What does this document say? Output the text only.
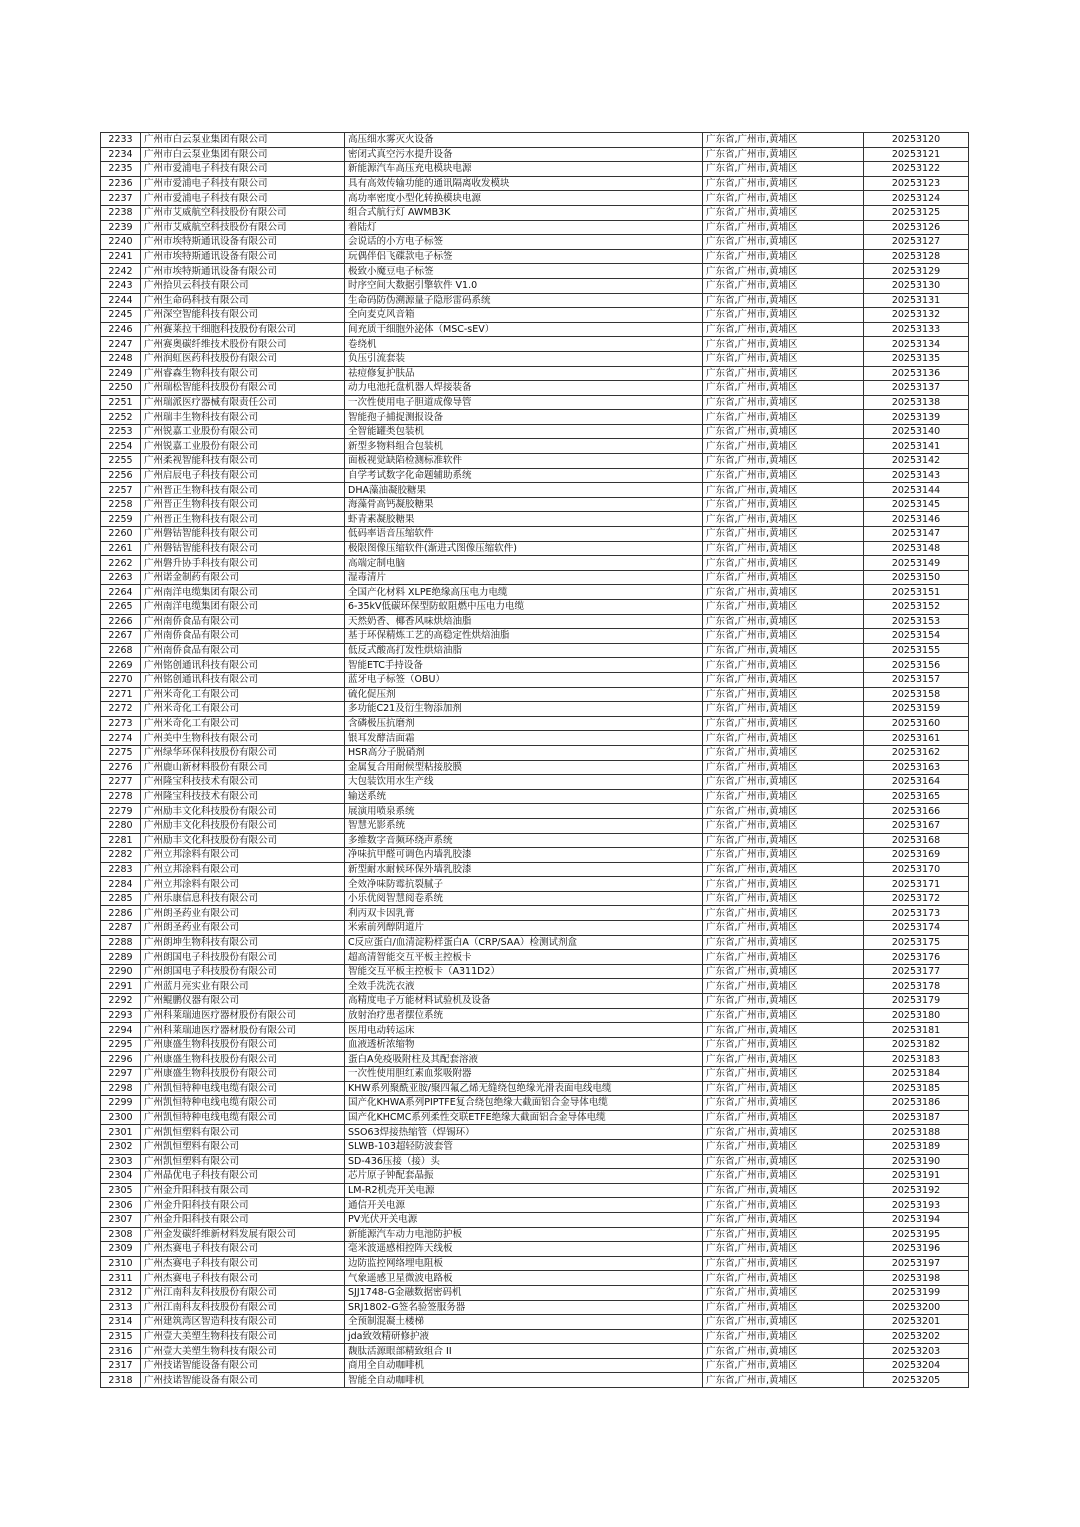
2233	广州市白云泵业集团有限公司	高压细水雾灭火设备	广东省,广州市,黄埔区	20253120
2234	广州市白云泵业集团有限公司	密闭式真空污水提升设备	广东省,广州市,黄埔区	20253121
2235	广州市爱浦电子科技有限公司	新能源汽车高压充电模块电源	广东省,广州市,黄埔区	20253122
2236	广州市爱浦电子科技有限公司	具有高效传输功能的通讯隔离收发模块	广东省,广州市,黄埔区	20253123
2237	广州市爱浦电子科技有限公司	高功率密度小型化转换模块电源	广东省,广州市,黄埔区	20253124
2238	广州市艾威航空科技股份有限公司	组合式航行灯 AWMB3K	广东省,广州市,黄埔区	20253125
2239	广州市艾威航空科技股份有限公司	着陆灯	广东省,广州市,黄埔区	20253126
2240	广州市埃特斯通讯设备有限公司	会说话的小方电子标签	广东省,广州市,黄埔区	20253127
2241	广州市埃特斯通讯设备有限公司	玩偶伴侣飞碟款电子标签	广东省,广州市,黄埔区	20253128
2242	广州市埃特斯通讯设备有限公司	极致小魔豆电子标签	广东省,广州市,黄埔区	20253129
2243	广州拾贝云科技有限公司	时序空间大数据引擎软件 V1.0	广东省,广州市,黄埔区	20253130
2244	广州生命码科技有限公司	生命码防伪溯源量子隐形雷码系统	广东省,广州市,黄埔区	20253131
2245	广州深空智能科技有限公司	全向麦克风音箱	广东省,广州市,黄埔区	20253132
2246	广州赛莱拉干细胞科技股份有限公司	间充质干细胞外泌体（MSC-sEV）	广东省,广州市,黄埔区	20253133
2247	广州赛奥碳纤维技术股份有限公司	卷绕机	广东省,广州市,黄埔区	20253134
2248	广州润虹医药科技股份有限公司	负压引流套装	广东省,广州市,黄埔区	20253135
2249	广州睿森生物科技有限公司	祛痘修复护肤品	广东省,广州市,黄埔区	20253136
2250	广州瑞松智能科技股份有限公司	动力电池托盘机器人焊接装备	广东省,广州市,黄埔区	20253137
2251	广州瑞派医疗器械有限责任公司	一次性使用电子胆道成像导管	广东省,广州市,黄埔区	20253138
2252	广州瑞丰生物科技有限公司	智能孢子捕捉测报设备	广东省,广州市,黄埔区	20253139
2253	广州锐嘉工业股份有限公司	全智能罐类包装机	广东省,广州市,黄埔区	20253140
2254	广州锐嘉工业股份有限公司	新型多物料组合包装机	广东省,广州市,黄埔区	20253141
2255	广州柔视智能科技有限公司	面板视觉缺陷检测标准软件	广东省,广州市,黄埔区	20253142
2256	广州启辰电子科技有限公司	自学考试数字化命题辅助系统	广东省,广州市,黄埔区	20253143
2257	广州晋正生物科技有限公司	DHA藻油凝胶糖果	广东省,广州市,黄埔区	20253144
2258	广州晋正生物科技有限公司	海藻骨高钙凝胶糖果	广东省,广州市,黄埔区	20253145
2259	广州晋正生物科技有限公司	虾青素凝胶糖果	广东省,广州市,黄埔区	20253146
2260	广州磐钴智能科技有限公司	低码率语音压缩软件	广东省,广州市,黄埔区	20253147
2261	广州磐钴智能科技有限公司	极限图像压缩软件(渐进式图像压缩软件)	广东省,广州市,黄埔区	20253148
2262	广州磐升协手科技有限公司	高端定制电脑	广东省,广州市,黄埔区	20253149
2263	广州诺金制药有限公司	湿毒清片	广东省,广州市,黄埔区	20253150
2264	广州南洋电缆集团有限公司	全国产化材料 XLPE绝缘高压电力电缆	广东省,广州市,黄埔区	20253151
2265	广州南洋电缆集团有限公司	6-35kV低碳环保型防蚁阻燃中压电力电缆	广东省,广州市,黄埔区	20253152
2266	广州南侨食品有限公司	天然奶香、椰香风味烘焙油脂	广东省,广州市,黄埔区	20253153
2267	广州南侨食品有限公司	基于环保精炼工艺的高稳定性烘焙油脂	广东省,广州市,黄埔区	20253154
2268	广州南侨食品有限公司	低反式酸高打发性烘焙油脂	广东省,广州市,黄埔区	20253155
2269	广州铭创通讯科技有限公司	智能ETC手持设备	广东省,广州市,黄埔区	20253156
2270	广州铭创通讯科技有限公司	蓝牙电子标签（OBU）	广东省,广州市,黄埔区	20253157
2271	广州米奇化工有限公司	硫化促压剂	广东省,广州市,黄埔区	20253158
2272	广州米奇化工有限公司	多功能C21及衍生物添加剂	广东省,广州市,黄埔区	20253159
2273	广州米奇化工有限公司	含磷极压抗磨剂	广东省,广州市,黄埔区	20253160
2274	广州美中生物科技有限公司	银耳发酵洁面霜	广东省,广州市,黄埔区	20253161
2275	广州绿华环保科技股份有限公司	HSR高分子脱硝剂	广东省,广州市,黄埔区	20253162
2276	广州鹿山新材料股份有限公司	金属复合用耐候型粘接胶膜	广东省,广州市,黄埔区	20253163
2277	广州隆宝科技技术有限公司	大包装饮用水生产线	广东省,广州市,黄埔区	20253164
2278	广州隆宝科技技术有限公司	输送系统	广东省,广州市,黄埔区	20253165
2279	广州励丰文化科技股份有限公司	展演用喷泉系统	广东省,广州市,黄埔区	20253166
2280	广州励丰文化科技股份有限公司	智慧光影系统	广东省,广州市,黄埔区	20253167
2281	广州励丰文化科技股份有限公司	多维数字音频环绕声系统	广东省,广州市,黄埔区	20253168
2282	广州立邦涂料有限公司	净味抗甲醛可调色内墙乳胶漆	广东省,广州市,黄埔区	20253169
2283	广州立邦涂料有限公司	新型耐水耐候环保外墙乳胶漆	广东省,广州市,黄埔区	20253170
2284	广州立邦涂料有限公司	全效净味防霉抗裂腻子	广东省,广州市,黄埔区	20253171
2285	广州乐康信息科技有限公司	小乐优阅智慧阅卷系统	广东省,广州市,黄埔区	20253172
2286	广州朗圣药业有限公司	利丙双卡因乳膏	广东省,广州市,黄埔区	20253173
2287	广州朗圣药业有限公司	米索前列醇阴道片	广东省,广州市,黄埔区	20253174
2288	广州朗坤生物科技有限公司	C反应蛋白/血清淀粉样蛋白A（CRP/SAA）检测试剂盒	广东省,广州市,黄埔区	20253175
2289	广州朗国电子科技股份有限公司	超高清智能交互平板主控板卡	广东省,广州市,黄埔区	20253176
2290	广州朗国电子科技股份有限公司	智能交互平板主控板卡（A311D2）	广东省,广州市,黄埔区	20253177
2291	广州蓝月亮实业有限公司	全效手洗洗衣液	广东省,广州市,黄埔区	20253178
2292	广州鲲鹏仪器有限公司	高精度电子万能材料试验机及设备	广东省,广州市,黄埔区	20253179
2293	广州科莱瑞迪医疗器材股份有限公司	放射治疗患者摆位系统	广东省,广州市,黄埔区	20253180
2294	广州科莱瑞迪医疗器材股份有限公司	医用电动转运床	广东省,广州市,黄埔区	20253181
2295	广州康盛生物科技股份有限公司	血液透析浓缩物	广东省,广州市,黄埔区	20253182
2296	广州康盛生物科技股份有限公司	蛋白A免疫吸附柱及其配套溶液	广东省,广州市,黄埔区	20253183
2297	广州康盛生物科技股份有限公司	一次性使用胆红素血浆吸附器	广东省,广州市,黄埔区	20253184
2298	广州凯恒特种电线电缆有限公司	KHW系列聚酰亚胺/聚四氟乙烯无缝绕包绝缘光滑表面电线电缆	广东省,广州市,黄埔区	20253185
2299	广州凯恒特种电线电缆有限公司	国产化KHWA系列PIPTFE复合绕包绝缘大截面铝合金导体电缆	广东省,广州市,黄埔区	20253186
2300	广州凯恒特种电线电缆有限公司	国产化KHCMC系列柔性交联ETFE绝缘大截面铝合金导体电缆	广东省,广州市,黄埔区	20253187
2301	广州凯恒塑料有限公司	SSO63焊接热缩管（焊锡环）	广东省,广州市,黄埔区	20253188
2302	广州凯恒塑料有限公司	SLWB-103超轻防波套管	广东省,广州市,黄埔区	20253189
2303	广州凯恒塑料有限公司	SD-436压接（接）头	广东省,广州市,黄埔区	20253190
2304	广州晶优电子科技有限公司	芯片原子钟配套晶振	广东省,广州市,黄埔区	20253191
2305	广州金升阳科技有限公司	LM-R2机壳开关电源	广东省,广州市,黄埔区	20253192
2306	广州金升阳科技有限公司	通信开关电源	广东省,广州市,黄埔区	20253193
2307	广州金升阳科技有限公司	PV光伏开关电源	广东省,广州市,黄埔区	20253194
2308	广州金发碳纤维新材料发展有限公司	新能源汽车动力电池防护板	广东省,广州市,黄埔区	20253195
2309	广州杰赛电子科技有限公司	毫米波遥感相控阵天线板	广东省,广州市,黄埔区	20253196
2310	广州杰赛电子科技有限公司	边防监控网络埋电阻板	广东省,广州市,黄埔区	20253197
2311	广州杰赛电子科技有限公司	气象遥感卫星微波电路板	广东省,广州市,黄埔区	20253198
2312	广州江南科友科技股份有限公司	SJJ1748-G金融数据密码机	广东省,广州市,黄埔区	20253199
2313	广州江南科友科技股份有限公司	SRJ1802-G签名验签服务器	广东省,广州市,黄埔区	20253200
2314	广州建筑湾区智造科技有限公司	全预制混凝土楼梯	广东省,广州市,黄埔区	20253201
2315	广州壹大美塑生物科技有限公司	jda致效精研修护液	广东省,广州市,黄埔区	20253202
2316	广州壹大美塑生物科技有限公司	馥肽活源眼部精致组合 II	广东省,广州市,黄埔区	20253203
2317	广州技诺智能设备有限公司	商用全自动咖啡机	广东省,广州市,黄埔区	20253204
2318	广州技诺智能设备有限公司	智能全自动咖啡机	广东省,广州市,黄埔区	20253205
